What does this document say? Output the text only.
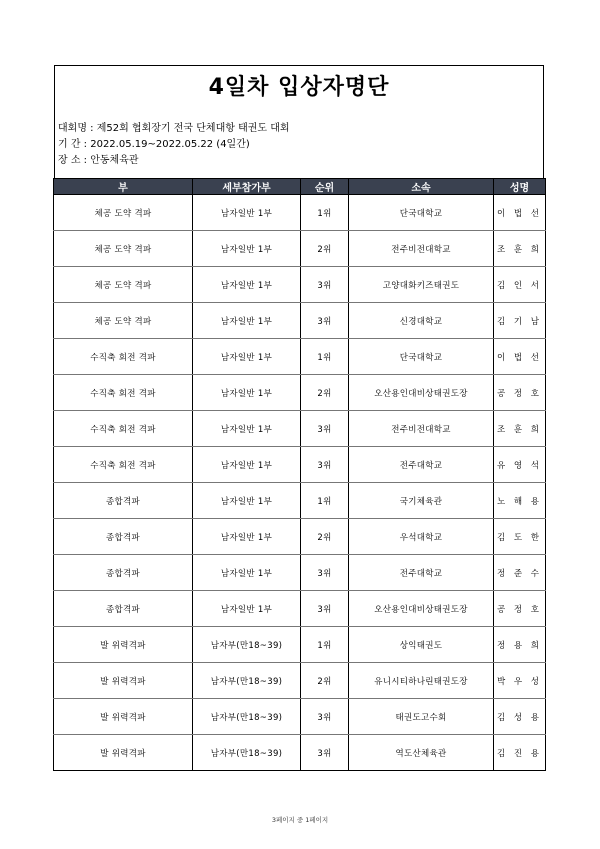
4일차 입상자명단
대회명 : 제52회 협회장기 전국 단체대항 태권도 대회
기 간 : 2022.05.19~2022.05.22 (4일간)
장 소 : 안동체육관
부	세부참가부	순위	소속	성명
체공 도약 격파	남자일반 1부	1위	단국대학교	이 법 선
체공 도약 격파	남자일반 1부	2위	전주비전대학교	조 훈 희
체공 도약 격파	남자일반 1부	3위	고양대화키즈태권도	김 인 서
체공 도약 격파	남자일반 1부	3위	신경대학교	김 기 남
수직축 회전 격파	남자일반 1부	1위	단국대학교	이 법 선
수직축 회전 격파	남자일반 1부	2위	오산용인대비상태권도장	공 정 호
수직축 회전 격파	남자일반 1부	3위	전주비전대학교	조 훈 희
수직축 회전 격파	남자일반 1부	3위	전주대학교	유 영 석
종합격파	남자일반 1부	1위	국기체육관	노 해 용
종합격파	남자일반 1부	2위	우석대학교	김 도 한
종합격파	남자일반 1부	3위	전주대학교	정 준 수
종합격파	남자일반 1부	3위	오산용인대비상태권도장	공 정 호
발 위력격파	남자부(만18~39)	1위	상익태권도	정 용 희
발 위력격파	남자부(만18~39)	2위	유니시티하나린태권도장	박 우 성
발 위력격파	남자부(만18~39)	3위	태권도고수회	김 성 용
발 위력격파	남자부(만18~39)	3위	역도산체육관	김 진 용
3페이지 중 1페이지
